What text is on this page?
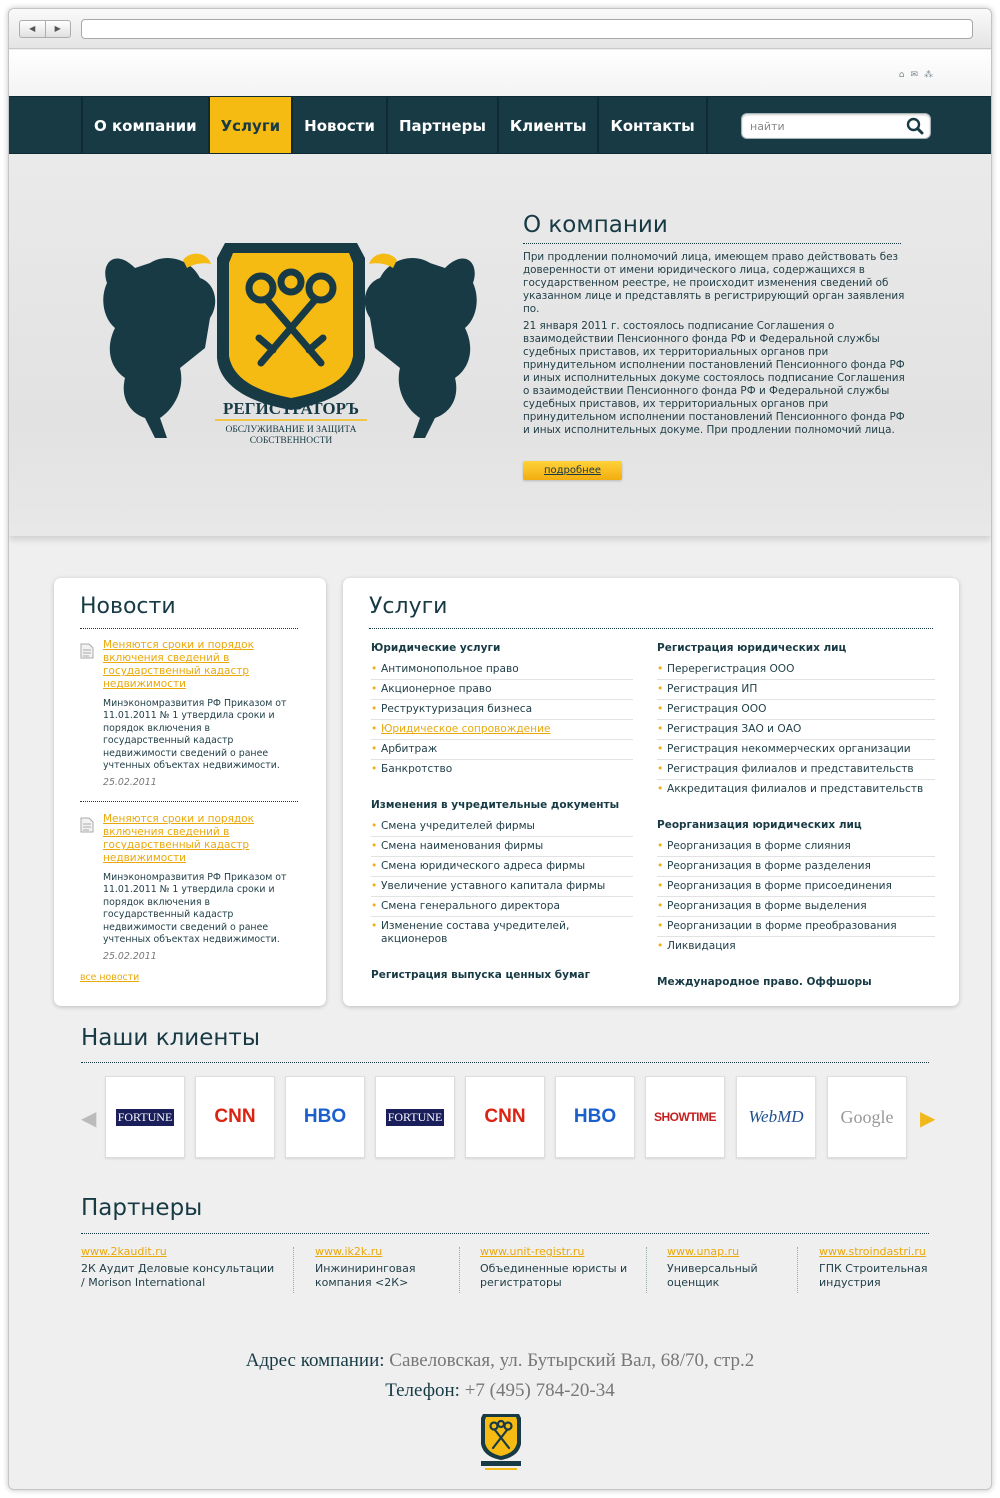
◀	▶
⌂ ✉ ⁂
О компании	Услуги	Новости	Партнеры	Клиенты	Контакты
найти
РЕГИСТРАТОРЪ
ОБСЛУЖИВАНИЕ И ЗАЩИТА
СОБСТВЕННОСТИ
О компании

При продлении полномочий лица, имеющем право действовать без доверенности от имени юридического лица, содержащихся в государственном реестре, не происходит изменения сведений об указанном лице и представлять в регистрирующий орган заявления по.

21 января 2011 г. состоялось подписание Соглашения о взаимодействии Пенсионного фонда РФ и Федеральной службы судебных приставов, их территориальных органов при принудительном исполнении постановлений Пенсионного фонда РФ и иных исполнительных докуме состоялось подписание Соглашения о взаимодействии Пенсионного фонда РФ и Федеральной службы судебных приставов, их территориальных органов при принудительном исполнении постановлений Пенсионного фонда РФ и иных исполнительных докуме. При продлении полномочий лица.

подробнее
Новости
Меняются сроки и порядок включения сведений в государственный кадастр недвижимости
Минэкономразвития РФ Приказом от 11.01.2011 № 1 утвердила сроки и порядок включения в государственный кадастр недвижимости сведений о ранее учтенных объектах недвижимости.
25.02.2011
Меняются сроки и порядок включения сведений в государственный кадастр недвижимости
Минэкономразвития РФ Приказом от 11.01.2011 № 1 утвердила сроки и порядок включения в государственный кадастр недвижимости сведений о ранее учтенных объектах недвижимости.
25.02.2011
все новости
Услуги
Юридические услуги
• Антимонопольное право
• Акционерное право
• Реструктуризация бизнеса
• Юридическое сопровождение
• Арбитраж
• Банкротство
Изменения в учредительные документы
• Смена учредителей фирмы
• Смена наименования фирмы
• Смена юридического адреса фирмы
• Увеличение уставного капитала фирмы
• Смена генерального директора
• Изменение состава учредителей, акционеров
Регистрация выпуска ценных бумаг
Регистрация юридических лиц
• Перерегистрация ООО
• Регистрация ИП
• Регистрация ООО
• Регистрация ЗАО и ОАО
• Регистрация некоммерческих организации
• Регистрация филиалов и представительств
• Аккредитация филиалов и представительств
Реорганизация юридических лиц
• Реорганизация в форме слияния
• Реорганизация в форме разделения
• Реорганизация в форме присоединения
• Реорганизация в форме выделения
• Реорганизации в форме преобразования
• Ликвидация
Международное право. Оффшоры
Наши клиенты
◀ FORTUNE CNN	HBO	FORTUNE CNN	HBO	SHOWTIME WebMD Google ▶
Партнеры
www.2kaudit.ru
2К Аудит Деловые консультации / Morison International
www.ik2k.ru
Инжиниринговая компания <2К>
www.unit-registr.ru
Объединенные юристы и регистраторы
www.unap.ru
Универсальный оценщик
www.stroindastri.ru
ГПК Строительная индустрия
Адрес компании: Савеловская, ул. Бутырский Вал, 68/70, стр.2
Телефон: +7 (495) 784-20-34
